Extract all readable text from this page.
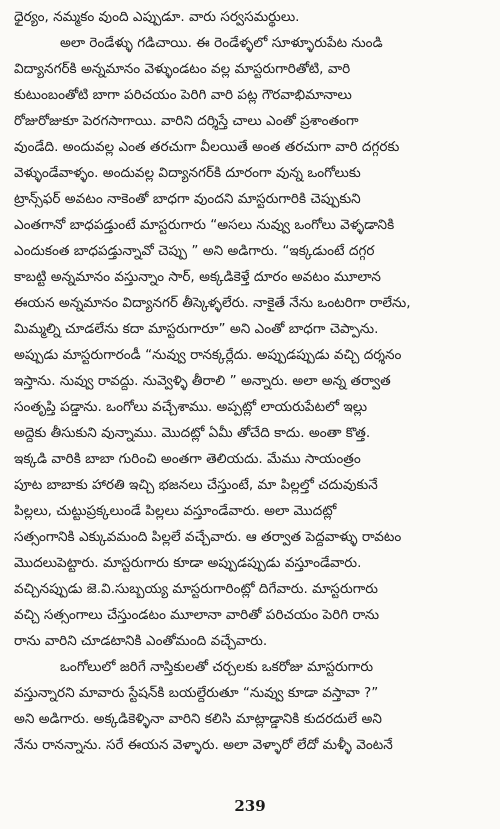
ధైర్యం, నమ్మకం వుంది ఎప్పుడూ. వారు సర్వసమర్థులు.
అలా రెండేళ్ళు గడిచాయి. ఈ రెండేళ్ళలో సూళ్ళూరుపేట నుండి
విద్యానగర్‌కి అన్నమానం వెళ్ళుండటం వల్ల మాస్టరుగారితోటి, వారి
కుటుంబంతోటి బాగా పరిచయం పెరిగి వారి పట్ల గౌరవాభిమానాలు
రోజురోజుకూ పెరగసాగాయి. వారిని దర్శిస్తే చాలు ఎంతో ప్రశాంతంగా
వుండేది. అందువల్ల ఎంత తరచుగా వీలయితే అంత తరచుగా వారి దగ్గరకు
వెళ్ళుండేవాళ్ళం. అందువల్ల విద్యానగర్‌కి దూరంగా వున్న ఒంగోలుకు
ట్రాన్స్‌ఫర్ అవటం నాకెంతో బాధగా వుందని మాస్టరుగారికి చెప్పుకుని
ఎంతగానో బాధపడ్తుంటే మాస్టరుగారు “అసలు నువ్వు ఒంగోలు వెళ్ళడానికి
ఎందుకంత బాధపడ్తున్నావో చెప్పు ” అని అడిగారు. “ఇక్కడుంటే దగ్గర
కాబట్టి అన్నమానం వస్తున్నాం సార్, అక్కడికెళ్తే దూరం అవటం మూలాన
ఈయన అన్నమానం విద్యానగర్ తీస్కెళ్ళలేరు. నాకైతే నేను ఒంటరిగా రాలేను,
మిమ్మల్ని చూడలేను కదా మాస్టరుగారూ” అని ఎంతో బాధగా చెప్పాను.
అప్పుడు మాస్టరుగారండీ “నువ్వు రానక్కర్లేదు. అప్పుడప్పుడు వచ్చి దర్శనం
ఇస్తాను. నువ్వు రావద్దు. నువ్వెళ్ళి తీరాలి ” అన్నారు. అలా అన్న తర్వాత
సంతృప్తి పడ్డాను. ఒంగోలు వచ్చేశాము. అప్పట్లో లాయరుపేటలో ఇల్లు
అద్దెకు తీసుకుని వున్నాము. మొదట్లో ఏమీ తోచేది కాదు. అంతా కొత్త.
ఇక్కడి వారికి బాబా గురించి అంతగా తెలియదు. మేము సాయంత్రం
పూట బాబాకు హారతి ఇచ్చి భజనలు చేస్తుంటే, మా పిల్లల్తో చదువుకునే
పిల్లలు, చుట్టుప్రక్కలుండే పిల్లలు వస్తూండేవారు. అలా మొదట్లో
సత్సంగానికి ఎక్కువమంది పిల్లలే వచ్చేవారు. ఆ తర్వాత పెద్దవాళ్ళు రావటం
మొదలుపెట్టారు. మాస్టరుగారు కూడా అప్పుడప్పుడు వస్తూండేవారు.
వచ్చినప్పుడు జె.వి.సుబ్బయ్య మాస్టరుగారింట్లో దిగేవారు. మాస్టరుగారు
వచ్చి సత్సంగాలు చేస్తుండటం మూలానా వారితో పరిచయం పెరిగి రాను
రాను వారిని చూడటానికి ఎంతోమంది వచ్చేవారు.
ఒంగోలులో జరిగే నాస్తికులతో చర్చలకు ఒకరోజు మాస్టరుగారు
వస్తున్నారని మావారు స్టేషన్‌కి బయల్దేరుతూ “నువ్వు కూడా వస్తావా ?”
అని అడిగారు. అక్కడికెళ్ళినా వారిని కలిసి మాట్లాడ్డానికి కుదరదులే అని
నేను రానన్నాను. సరే ఈయన వెళ్ళారు. అలా వెళ్ళారో లేదో మళ్ళీ వెంటనే
239
